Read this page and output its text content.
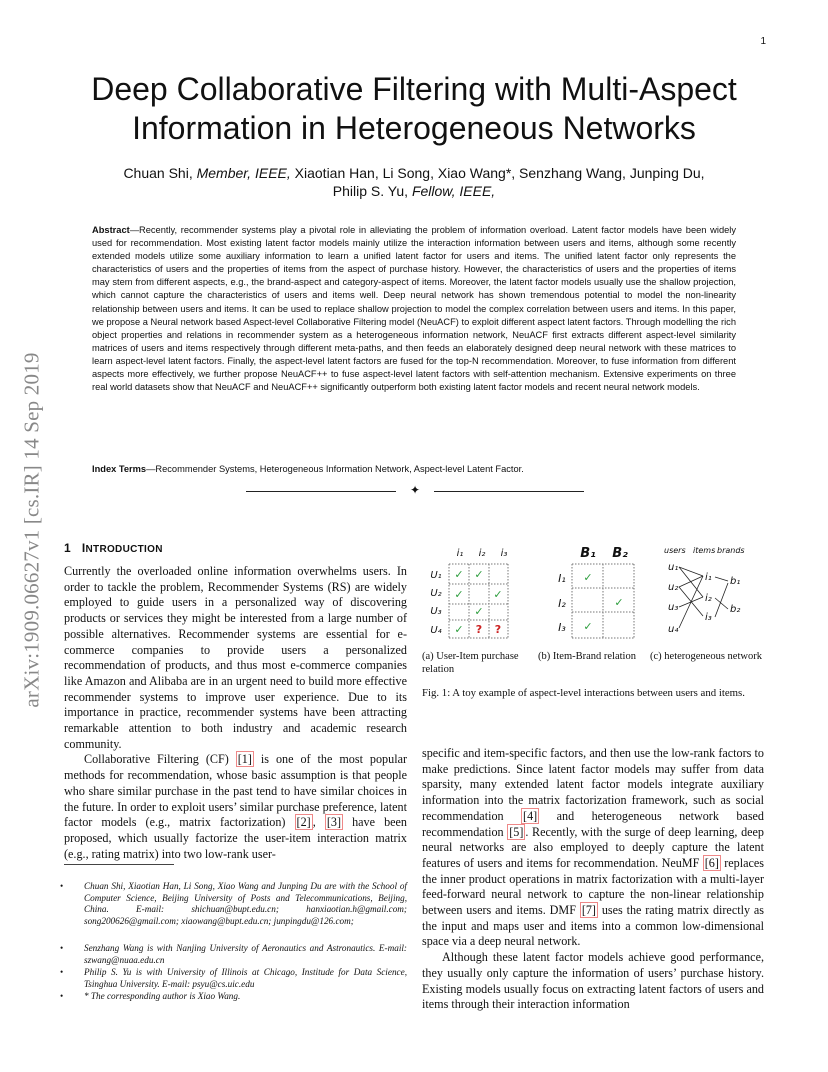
1
arXiv:1909.06627v1 [cs.IR] 14 Sep 2019
Deep Collaborative Filtering with Multi-Aspect Information in Heterogeneous Networks
Chuan Shi, Member, IEEE, Xiaotian Han, Li Song, Xiao Wang*, Senzhang Wang, Junping Du,
Philip S. Yu, Fellow, IEEE,
Abstract—Recently, recommender systems play a pivotal role in alleviating the problem of information overload. Latent factor models have been widely used for recommendation. Most existing latent factor models mainly utilize the interaction information between users and items, although some recently extended models utilize some auxiliary information to learn a unified latent factor for users and items. The unified latent factor only represents the characteristics of users and the properties of items from the aspect of purchase history. However, the characteristics of users and the properties of items may stem from different aspects, e.g., the brand-aspect and category-aspect of items. Moreover, the latent factor models usually use the shallow projection, which cannot capture the characteristics of users and items well. Deep neural network has shown tremendous potential to model the non-linearity relationship between users and items. It can be used to replace shallow projection to model the complex correlation between users and items. In this paper, we propose a Neural network based Aspect-level Collaborative Filtering model (NeuACF) to exploit different aspect latent factors. Through modelling the rich object properties and relations in recommender system as a heterogeneous information network, NeuACF first extracts different aspect-level similarity matrices of users and items respectively through different meta-paths, and then feeds an elaborately designed deep neural network with these matrices to learn aspect-level latent factors. Finally, the aspect-level latent factors are fused for the top-N recommendation. Moreover, to fuse information from different aspects more effectively, we further propose NeuACF++ to fuse aspect-level latent factors with self-attention mechanism. Extensive experiments on three real world datasets show that NeuACF and NeuACF++ significantly outperform both existing latent factor models and recent neural network models.
Index Terms—Recommender Systems, Heterogeneous Information Network, Aspect-level Latent Factor.
✦
1 INTRODUCTION

Currently the overloaded online information overwhelms users. In order to tackle the problem, Recommender Systems (RS) are widely employed to guide users in a personalized way of discovering products or services they might be interested from a large number of possible alternatives. Recommender systems are essential for e-commerce companies to provide users a personalized recommendation of products, and thus most e-commerce companies like Amazon and Alibaba are in an urgent need to build more effective recommender systems to improve user experience. Due to its importance in practice, recommender systems have been attracting remarkable attention to both industry and academic research community.

Collaborative Filtering (CF) [1] is one of the most popular methods for recommendation, whose basic assumption is that people who share similar purchase in the past tend to have similar choices in the future. In order to exploit users’ similar purchase preference, latent factor models (e.g., matrix factorization) [2] , [3] have been proposed, which usually factorize the user-item interaction matrix (e.g., rating matrix) into two low-rank user-

• Chuan Shi, Xiaotian Han, Li Song, Xiao Wang and Junping Du are with the School of Computer Science, Beijing University of Posts and Telecommunications, Beijing, China. E-mail: shichuan@bupt.edu.cn; hanxiaotian.h@gmail.com; song200626@gmail.com; xiaowang@bupt.edu.cn; junpingdu@126.com;
• Senzhang Wang is with Nanjing University of Aeronautics and Astronautics. E-mail: szwang@nuaa.edu.cn
• Philip S. Yu is with University of Illinois at Chicago, Institude for Data Science, Tsinghua University. E-mail: psyu@cs.uic.edu
• * The corresponding author is Xiao Wang.
i₁ i₂ i₃
U₁
U₂
U₃
U₄
✓ ✓
✓	✓
✓
✓ ? ?
B₁ B₂
I₁
I₂
I₃
✓
✓
✓
users items brands
u₁
u₂
u₃
u₄
i₁
i₂
i₃
b₁
b₂
(a) User-Item purchase relation
(b) Item-Brand relation	(c) heterogeneous network
Fig. 1: A toy example of aspect-level interactions between users and items.

specific and item-specific factors, and then use the low-rank factors to make predictions. Since latent factor models may suffer from data sparsity, many extended latent factor models integrate auxiliary information into the matrix factorization framework, such as social recommendation [4] and heterogeneous network based recommendation [5] . Recently, with the surge of deep learning, deep neural networks are also employed to deeply capture the latent features of users and items for recommendation. NeuMF [6] replaces the inner product operations in matrix factorization with a multi-layer feed-forward neural network to capture the non-linear relationship between users and items. DMF [7] uses the rating matrix directly as the input and maps user and items into a common low-dimensional space via a deep neural network.

Although these latent factor models achieve good performance, they usually only capture the information of users’ purchase history. Existing models usually focus on extracting latent factors of users and items through their interaction information
